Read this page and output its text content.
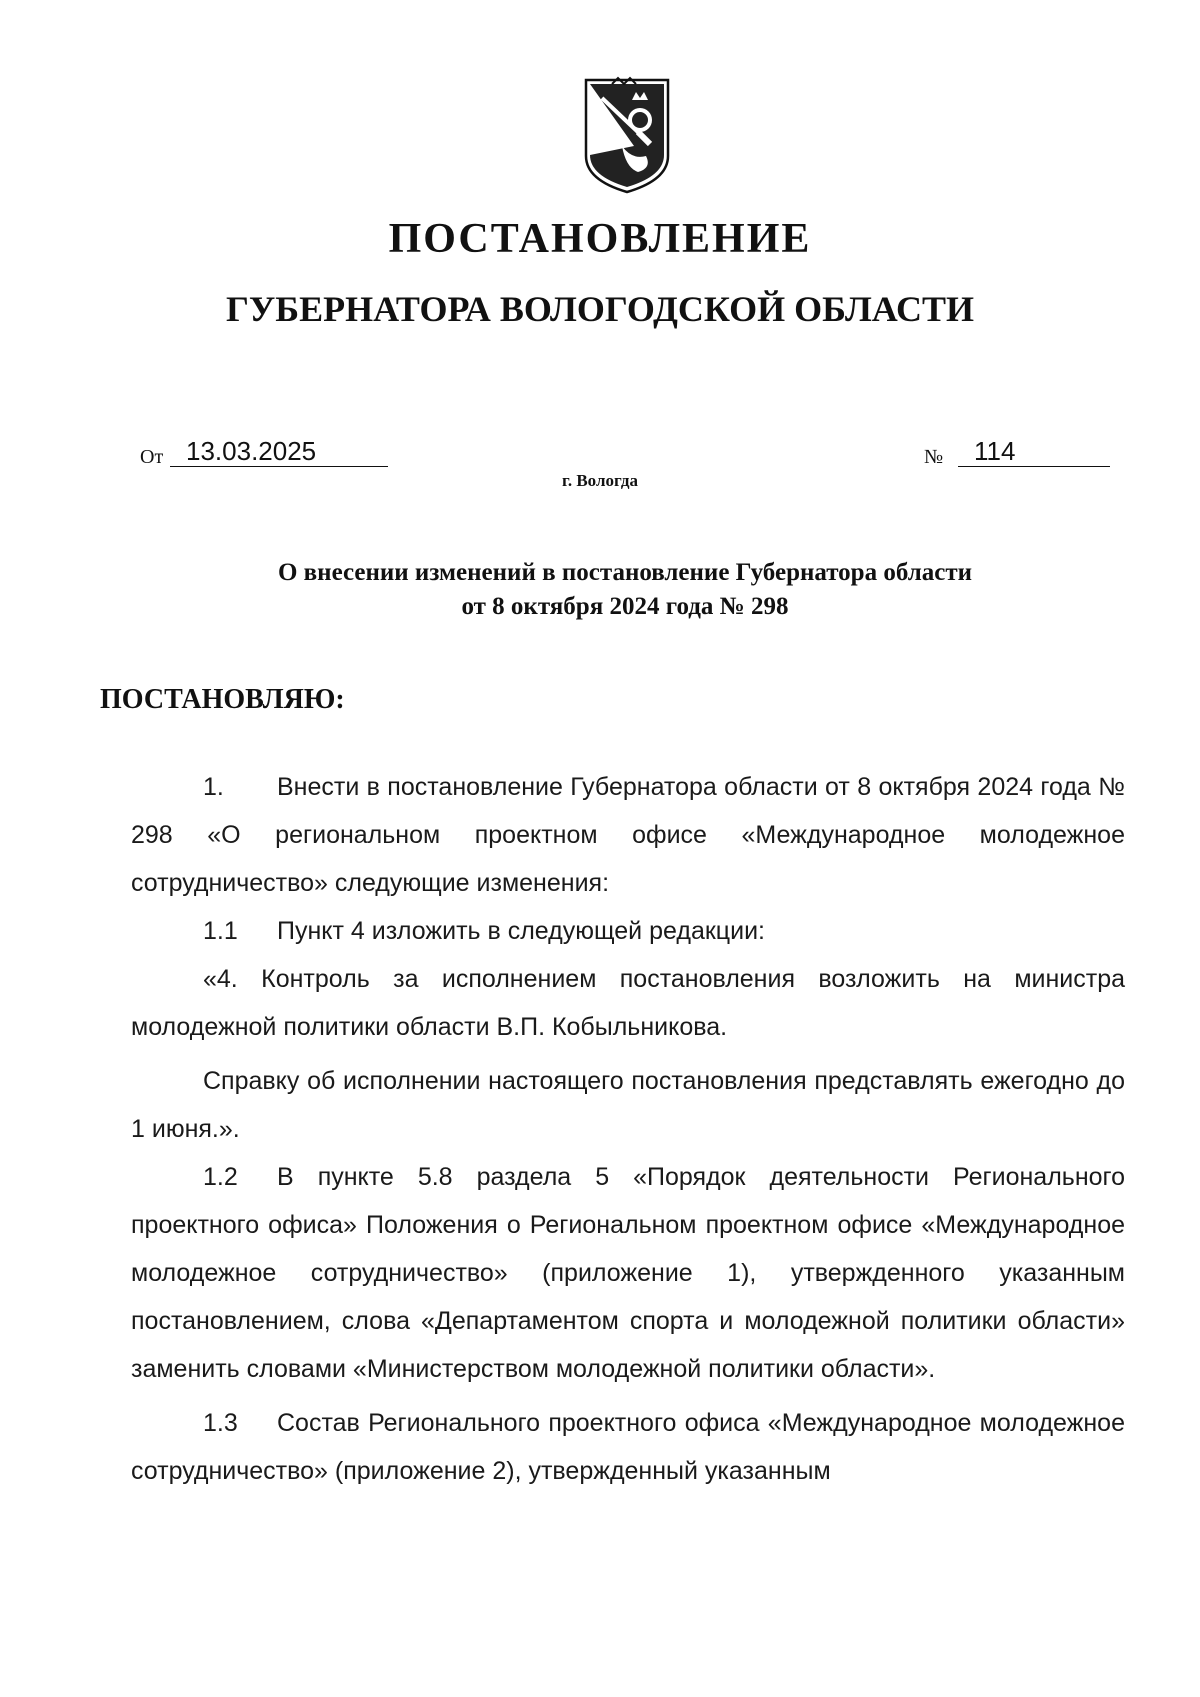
ПОСТАНОВЛЕНИЕ
ГУБЕРНАТОРА ВОЛОГОДСКОЙ ОБЛАСТИ
От 13.03.2025	№ 114
г. Вологда
О внесении изменений в постановление Губернатора области
от 8 октября 2024 года № 298
ПОСТАНОВЛЯЮ:

1. Внести в постановление Губернатора области от 8 октября 2024 года № 298 «О региональном проектном офисе «Международное молодежное сотрудничество» следующие изменения:

1.1 Пункт 4 изложить в следующей редакции:

«4. Контроль за исполнением постановления возложить на министра молодежной политики области В.П. Кобыльникова.

Справку об исполнении настоящего постановления представлять ежегодно до 1 июня.».

1.2 В пункте 5.8 раздела 5 «Порядок деятельности Регионального проектного офиса» Положения о Региональном проектном офисе «Международное молодежное сотрудничество» (приложение 1), утвержденного указанным постановлением, слова «Департаментом спорта и молодежной политики области» заменить словами «Министерством молодежной политики области».

1.3 Состав Регионального проектного офиса «Международное молодежное сотрудничество» (приложение 2), утвержденный указанным
